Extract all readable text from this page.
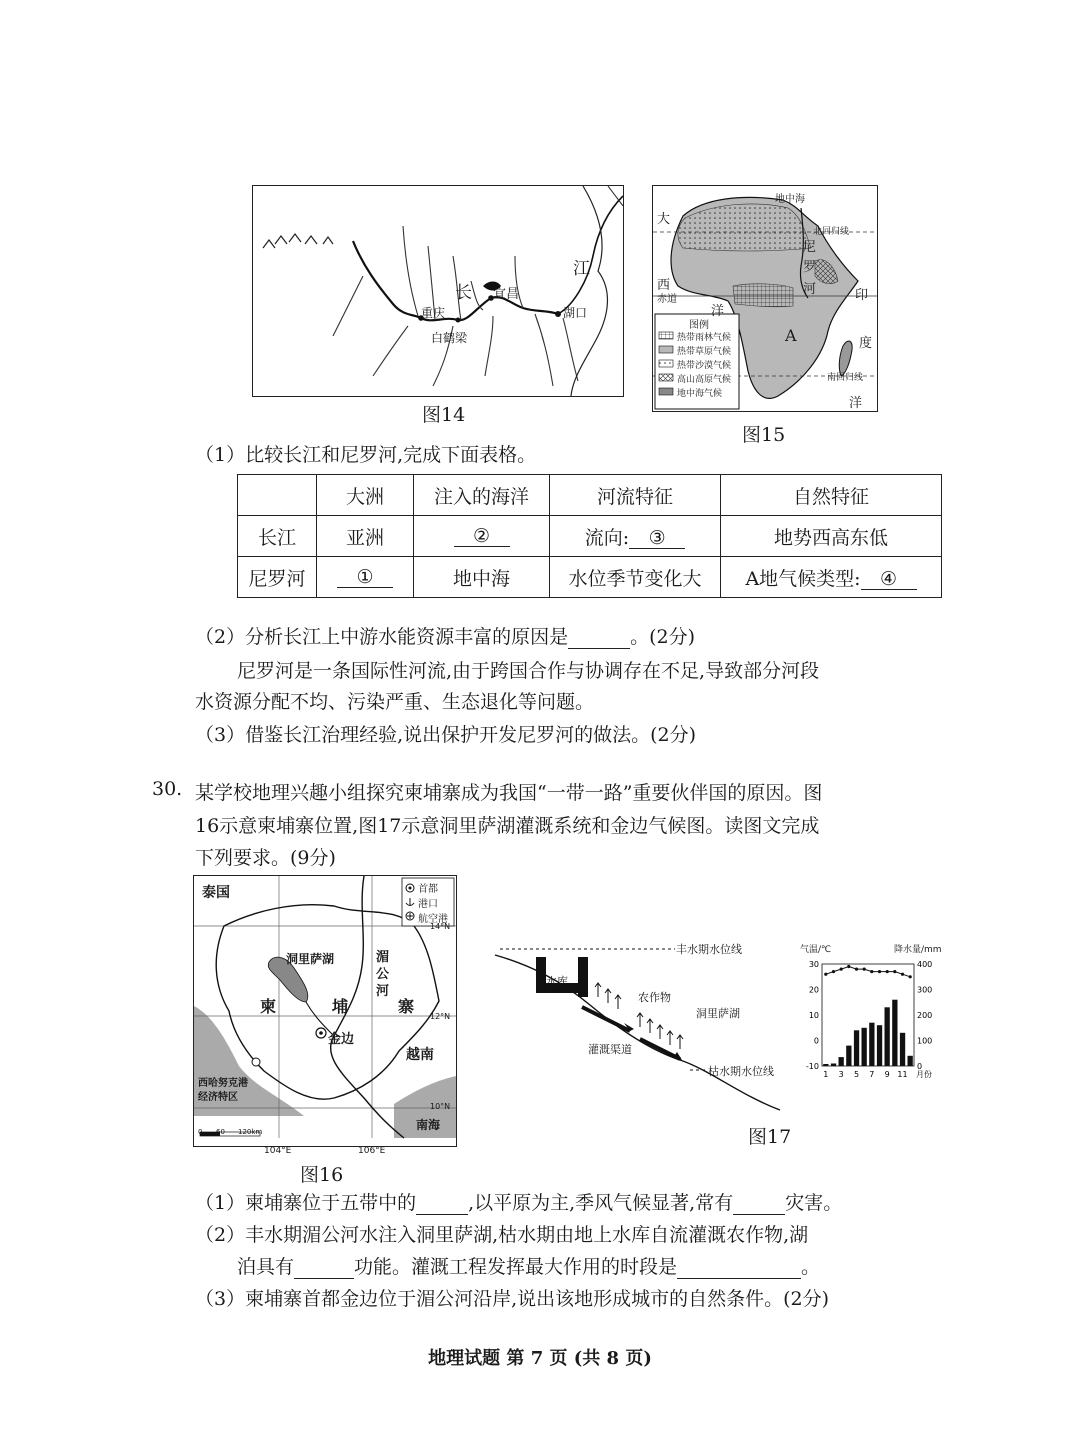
长
江
宜昌
重庆
白鹤梁
湖口
图14
大
西
洋
赤道
地中海
北回归线
南回归线
尼
罗
河	印
度
洋
A
图例
热带雨林气候
热带草原气候
热带沙漠气候
高山高原气候
地中海气候
图15
（1）比较长江和尼罗河,完成下面表格。
	大洲	注入的海洋	河流特征	自然特征
长江	亚洲	②	流向: ③	地势西高东低
尼罗河	①	地中海	水位季节变化大	A地气候类型: ④
（2）分析长江上中游水能资源丰富的原因是	。(2分)
尼罗河是一条国际性河流,由于跨国合作与协调存在不足,导致部分河段
水资源分配不均、污染严重、生态退化等问题。
（3）借鉴长江治理经验,说出保护开发尼罗河的做法。(2分)
30. 某学校地理兴趣小组探究柬埔寨成为我国“一带一路”重要伙伴国的原因。图
16示意柬埔寨位置,图17示意洞里萨湖灌溉系统和金边气候图。读图文完成
下列要求。(9分)
泰国
洞里萨湖	湄
公
河
柬	埔	寨
金边
越南
南海
西哈努克港
经济特区
首都
港口
航空港
14°N
12°N
10°N
0 60 120km
104°E	106°E
图16
丰水期水位线
地上
水库
农作物
洞里萨湖
灌溉渠道
枯水期水位线
图17
气温/℃	降水量/mm
30
20
10
0
-10
400
300
200
100
0
1 3 5 7 9 11 月份
（1）柬埔寨位于五带中的	,以平原为主,季风气候显著,常有	灾害。
（2）丰水期湄公河水注入洞里萨湖,枯水期由地上水库自流灌溉农作物,湖
泊具有	功能。灌溉工程发挥最大作用的时段是	。
（3）柬埔寨首都金边位于湄公河沿岸,说出该地形成城市的自然条件。(2分)
地理试题 第 7 页 (共 8 页)
